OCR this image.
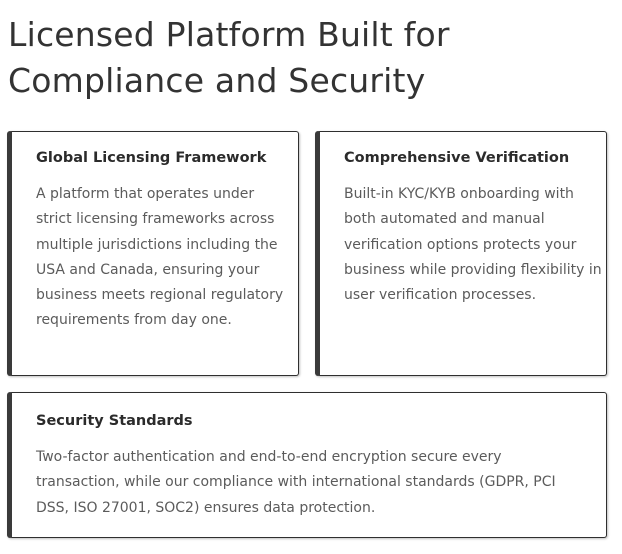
Licensed Platform Built for
Compliance and Security
Global Licensing Framework

A platform that operates under strict licensing frameworks across multiple jurisdictions including the USA and Canada, ensuring your business meets regional regulatory requirements from day one.

Comprehensive Verification

Built-in KYC/KYB onboarding with both automated and manual verification options protects your business while providing flexibility in user verification processes.

Security Standards

Two-factor authentication and end-to-end encryption secure every transaction, while our compliance with international standards (GDPR, PCI DSS, ISO 27001, SOC2) ensures data protection.
